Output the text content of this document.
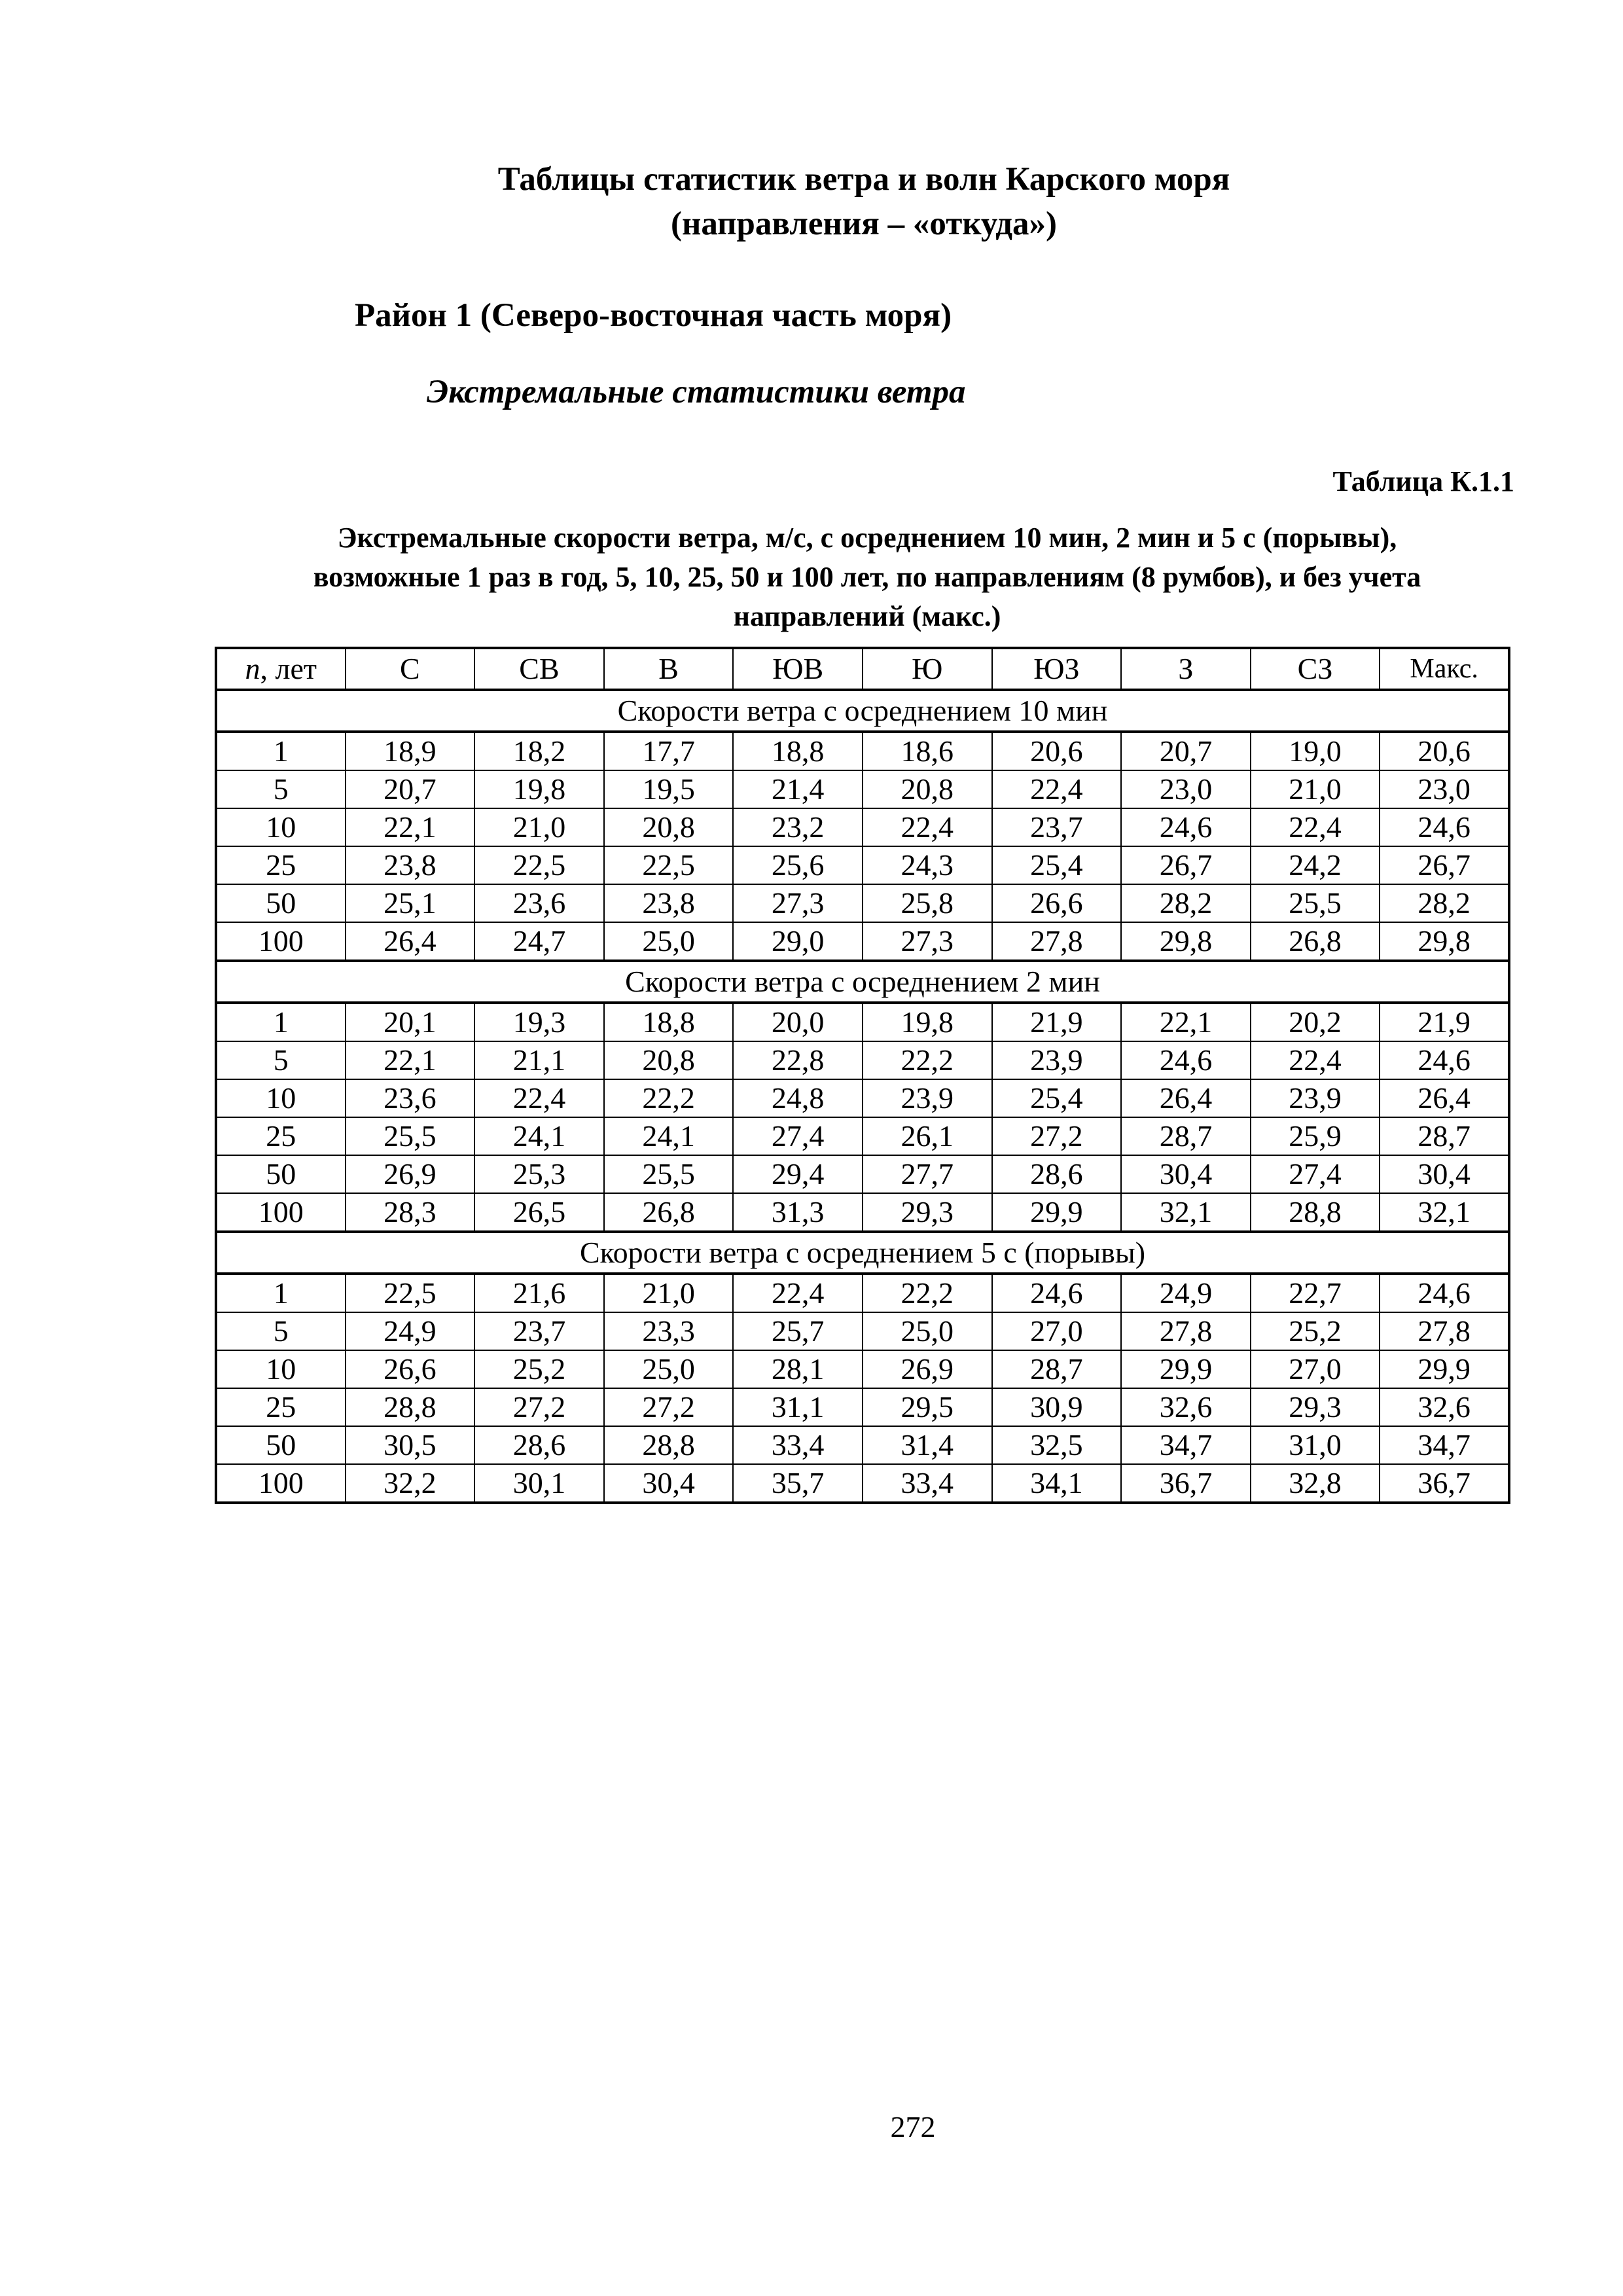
Таблицы статистик ветра и волн Карского моря
(направления – «откуда»)
Район 1 (Северо-восточная часть моря)
Экстремальные статистики ветра
Таблица К.1.1
Экстремальные скорости ветра, м/с, с осреднением 10 мин, 2 мин и 5 с (порывы),
возможные 1 раз в год, 5, 10, 25, 50 и 100 лет, по направлениям (8 румбов), и без учета
направлений (макс.)
n, лет	С	СВ	В	ЮВ	Ю	ЮЗ	З	СЗ	Макс.
Скорости ветра с осреднением 10 мин									
1	18,9	18,2	17,7	18,8	18,6	20,6	20,7	19,0	20,6
5	20,7	19,8	19,5	21,4	20,8	22,4	23,0	21,0	23,0
10	22,1	21,0	20,8	23,2	22,4	23,7	24,6	22,4	24,6
25	23,8	22,5	22,5	25,6	24,3	25,4	26,7	24,2	26,7
50	25,1	23,6	23,8	27,3	25,8	26,6	28,2	25,5	28,2
100	26,4	24,7	25,0	29,0	27,3	27,8	29,8	26,8	29,8
Скорости ветра с осреднением 2 мин									
1	20,1	19,3	18,8	20,0	19,8	21,9	22,1	20,2	21,9
5	22,1	21,1	20,8	22,8	22,2	23,9	24,6	22,4	24,6
10	23,6	22,4	22,2	24,8	23,9	25,4	26,4	23,9	26,4
25	25,5	24,1	24,1	27,4	26,1	27,2	28,7	25,9	28,7
50	26,9	25,3	25,5	29,4	27,7	28,6	30,4	27,4	30,4
100	28,3	26,5	26,8	31,3	29,3	29,9	32,1	28,8	32,1
Скорости ветра с осреднением 5 с (порывы)									
1	22,5	21,6	21,0	22,4	22,2	24,6	24,9	22,7	24,6
5	24,9	23,7	23,3	25,7	25,0	27,0	27,8	25,2	27,8
10	26,6	25,2	25,0	28,1	26,9	28,7	29,9	27,0	29,9
25	28,8	27,2	27,2	31,1	29,5	30,9	32,6	29,3	32,6
50	30,5	28,6	28,8	33,4	31,4	32,5	34,7	31,0	34,7
100	32,2	30,1	30,4	35,7	33,4	34,1	36,7	32,8	36,7
272
